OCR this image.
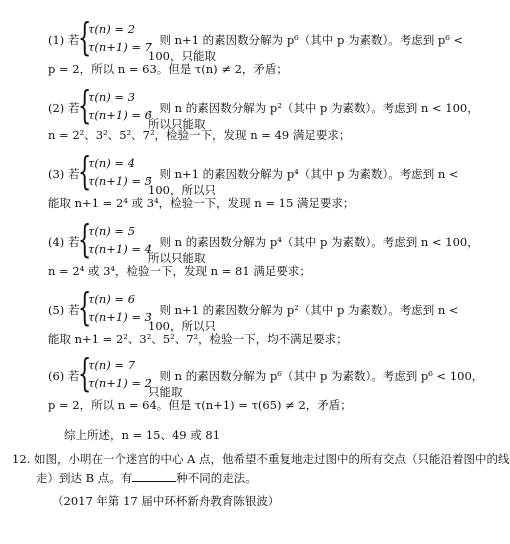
(1) 若
{
τ(n) = 2
τ(n+1) = 7
，则 n+1 的素因数分解为 p⁶（其中 p 为素数）。考虑到 p⁶ < 100，只能取
p = 2，所以 n = 63。但是 τ(n) ≠ 2，矛盾；
(2) 若
{
τ(n) = 3
τ(n+1) = 6
，则 n 的素因数分解为 p²（其中 p 为素数）。考虑到 n < 100，所以只能取
n = 2²、3²、5²、7²，检验一下，发现 n = 49 满足要求；
(3) 若
{
τ(n) = 4
τ(n+1) = 5
，则 n+1 的素因数分解为 p⁴（其中 p 为素数）。考虑到 n < 100，所以只
能取 n+1 = 2⁴ 或 3⁴，检验一下，发现 n = 15 满足要求；
(4) 若
{
τ(n) = 5
τ(n+1) = 4
，则 n 的素因数分解为 p⁴（其中 p 为素数）。考虑到 n < 100，所以只能取
n = 2⁴ 或 3⁴，检验一下，发现 n = 81 满足要求；
(5) 若
{
τ(n) = 6
τ(n+1) = 3
，则 n+1 的素因数分解为 p²（其中 p 为素数）。考虑到 n < 100，所以只
能取 n+1 = 2²、3²、5²、7²，检验一下，均不满足要求；
(6) 若
{
τ(n) = 7
τ(n+1) = 2
，则 n 的素因数分解为 p⁶（其中 p 为素数）。考虑到 p⁶ < 100，只能取
p = 2，所以 n = 64。但是 τ(n+1) = τ(65) ≠ 2，矛盾；
综上所述，n = 15、49 或 81
12. 如图，小明在一个迷宫的中心 A 点，他希望不重复地走过图中的所有交点（只能沿着图中的线
走）到达 B 点。有	种不同的走法。
（2017 年第 17 届中环杯新舟教育陈银波）
